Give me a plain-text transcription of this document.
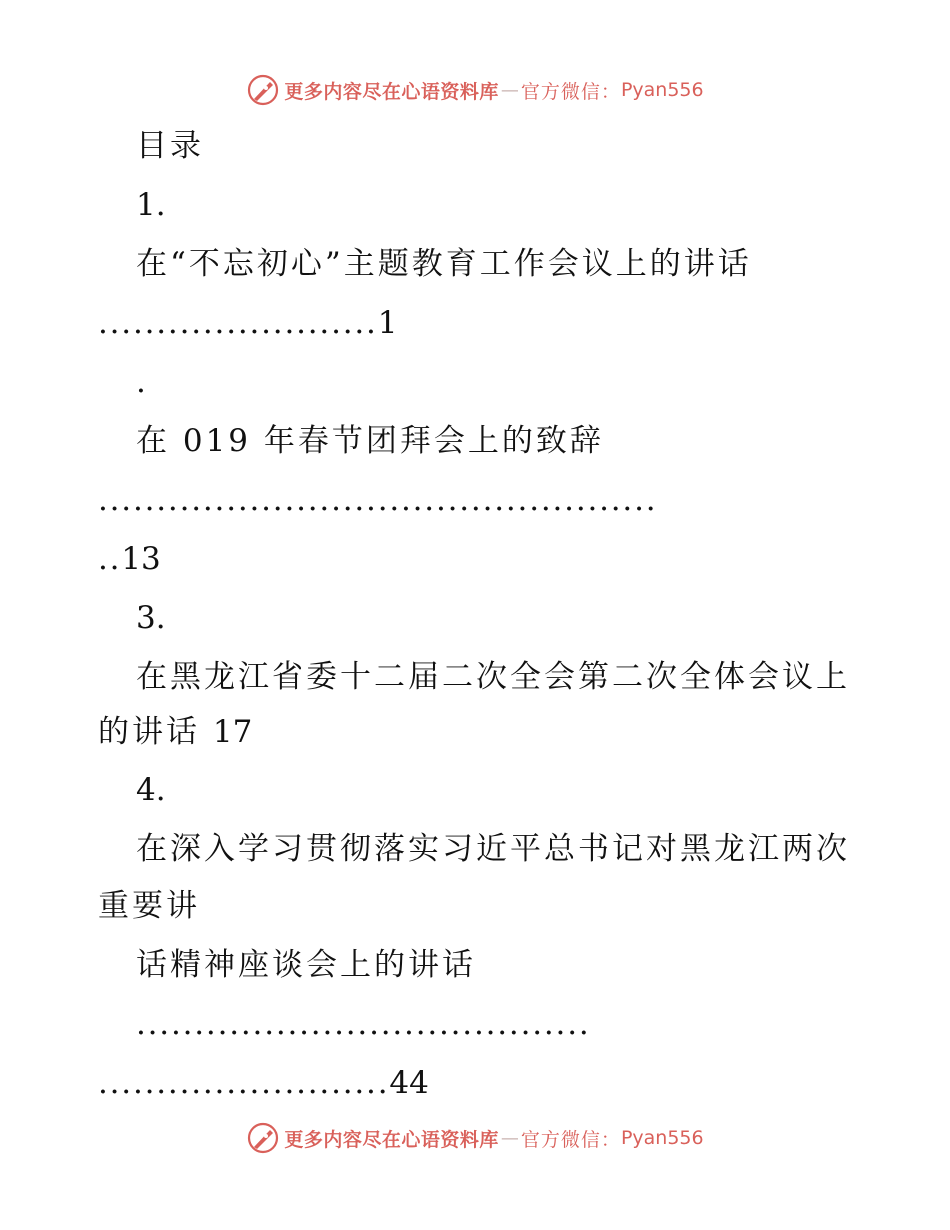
更多内容尽在心语资料库 — 官方微信： Pyan556
目录
1.
在“不忘初心”主题教育工作会议上的讲话
........................1
.
在 019 年春节团拜会上的致辞
................................................
..13
3.
在黑龙江省委十二届二次全会第二次全体会议上
的讲话 17
4.
在深入学习贯彻落实习近平总书记对黑龙江两次
重要讲
话精神座谈会上的讲话
.......................................
.........................44
更多内容尽在心语资料库 — 官方微信： Pyan556
